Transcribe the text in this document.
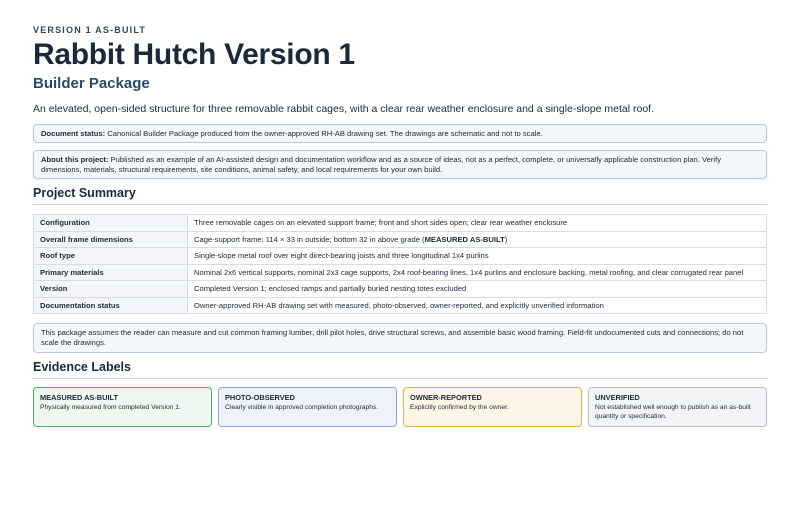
VERSION 1 AS-BUILT

Rabbit Hutch Version 1
Builder Package

An elevated, open-sided structure for three removable rabbit cages, with a clear rear weather enclosure and a single-slope metal roof.

Document status: Canonical Builder Package produced from the owner-approved RH-AB drawing set. The drawings are schematic and not to scale.
About this project: Published as an example of an AI-assisted design and documentation workflow and as a source of ideas, not as a perfect, complete, or universally applicable construction plan. Verify dimensions, materials, structural requirements, site conditions, animal safety, and local requirements for your own build.
Project Summary
Configuration	Three removable cages on an elevated support frame; front and short sides open; clear rear weather enclosure
Overall frame dimensions	Cage-support frame: 114 × 33 in outside; bottom 32 in above grade (MEASURED AS-BUILT)
Roof type	Single-slope metal roof over eight direct-bearing joists and three longitudinal 1x4 purlins
Primary materials	Nominal 2x6 vertical supports, nominal 2x3 cage supports, 2x4 roof-bearing lines, 1x4 purlins and enclosure backing, metal roofing, and clear corrugated rear panel
Version	Completed Version 1; enclosed ramps and partially buried nesting totes excluded
Documentation status	Owner-approved RH-AB drawing set with measured, photo-observed, owner-reported, and explicitly unverified information
This package assumes the reader can measure and cut common framing lumber, drill pilot holes, drive structural screws, and assemble basic wood framing. Field-fit undocumented cuts and connections; do not scale the drawings.
Evidence Labels
MEASURED AS-BUILT
Physically measured from completed Version 1.
PHOTO-OBSERVED
Clearly visible in approved completion photographs.
OWNER-REPORTED
Explicitly confirmed by the owner.
UNVERIFIED
Not established well enough to publish as an as-built quantity or specification.
